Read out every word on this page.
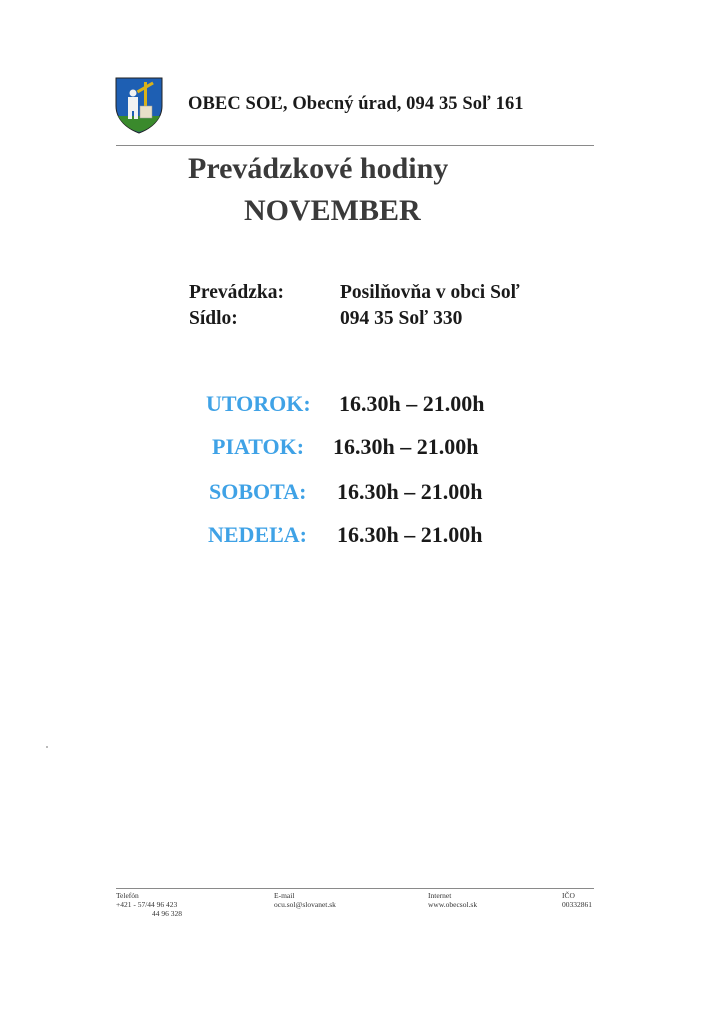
OBEC SOĽ, Obecný úrad, 094 35 Soľ 161
Prevádzkové hodiny
NOVEMBER
Prevádzka:	Posilňovňa v obci Soľ
Sídlo:	094 35 Soľ 330
UTOROK: 16.30h – 21.00h
PIATOK: 16.30h – 21.00h
SOBOTA: 16.30h – 21.00h
NEDEĽA: 16.30h – 21.00h
Telefón
+421 - 57/44 96 423
44 96 328
E-mail
ocu.sol@slovanet.sk
Internet
www.obecsol.sk
IČO
00332861
